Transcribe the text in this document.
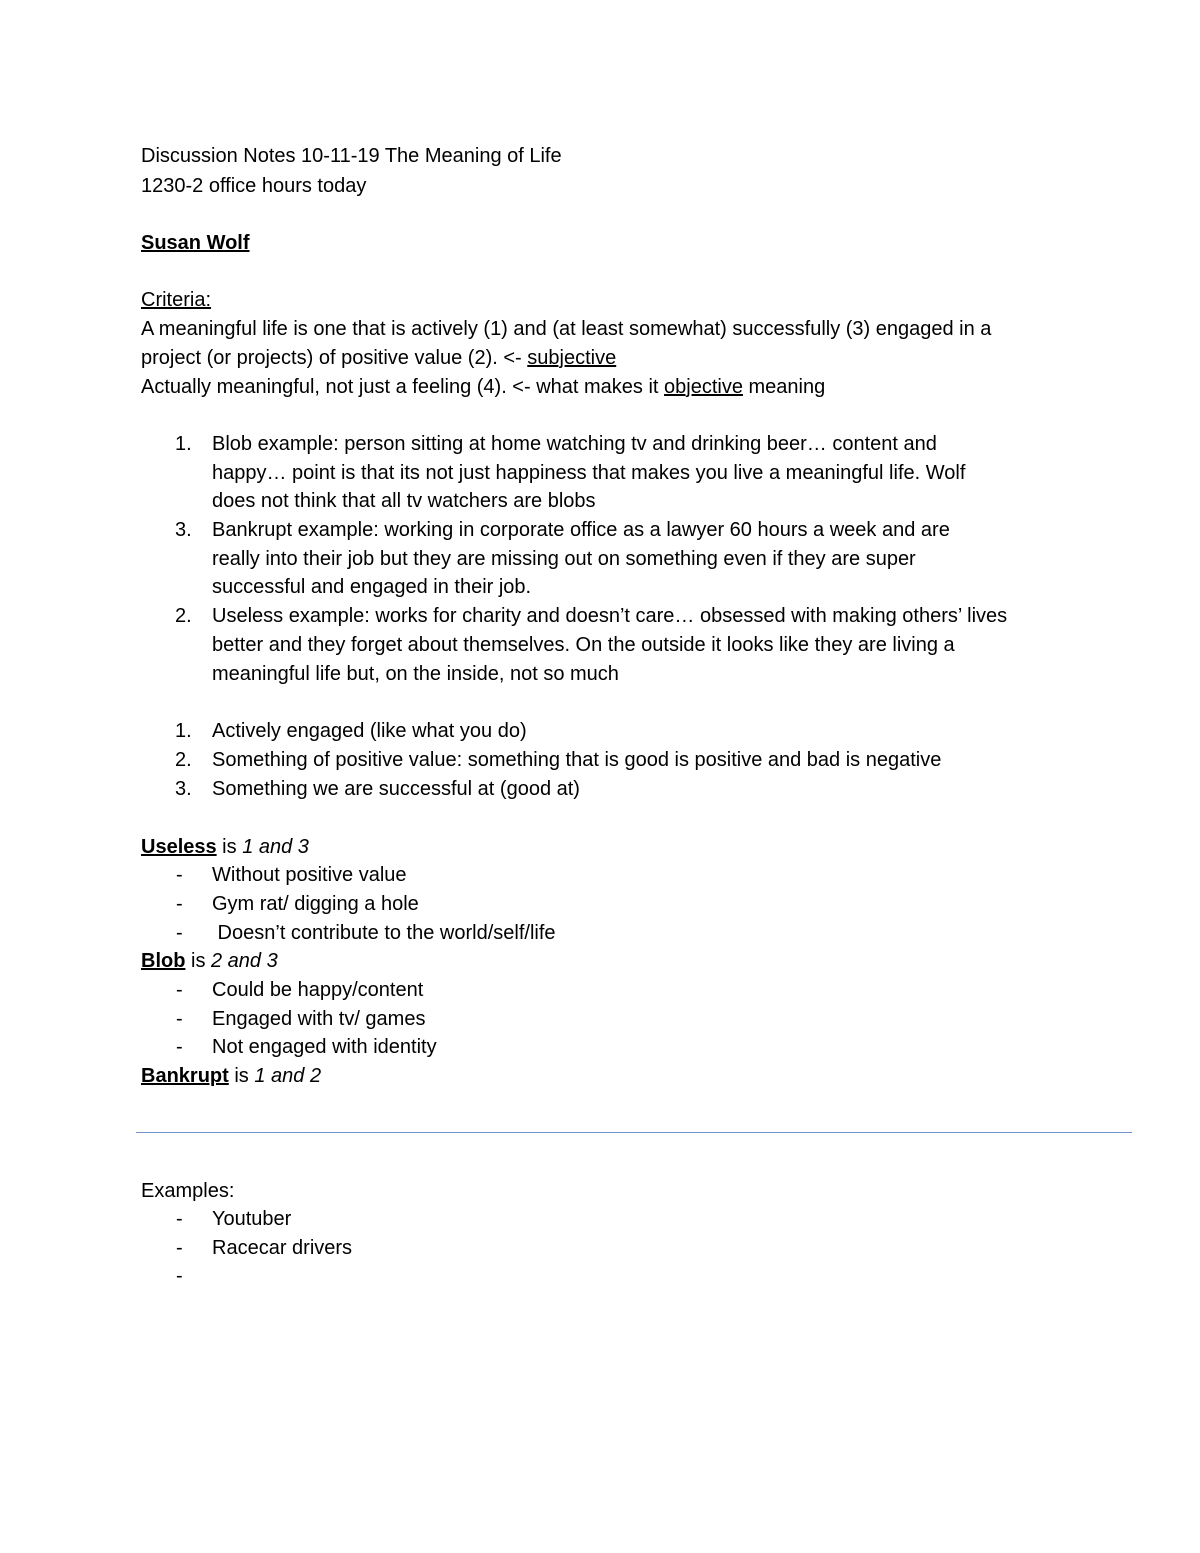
Discussion Notes 10-11-19 The Meaning of Life
1230-2 office hours today
Susan Wolf
Criteria:
A meaningful life is one that is actively (1) and (at least somewhat) successfully (3) engaged in a
project (or projects) of positive value (2). <- subjective
Actually meaningful, not just a feeling (4). <- what makes it objective meaning
1.	Blob example: person sitting at home watching tv and drinking beer… content and
happy… point is that its not just happiness that makes you live a meaningful life. Wolf
does not think that all tv watchers are blobs
3.	Bankrupt example: working in corporate office as a lawyer 60 hours a week and are
really into their job but they are missing out on something even if they are super
successful and engaged in their job.
2.	Useless example: works for charity and doesn’t care… obsessed with making others’ lives
better and they forget about themselves. On the outside it looks like they are living a
meaningful life but, on the inside, not so much
1.	Actively engaged (like what you do)
2.	Something of positive value: something that is good is positive and bad is negative
3.	Something we are successful at (good at)
Useless is 1 and 3
- Without positive value
- Gym rat/ digging a hole
- Doesn’t contribute to the world/self/life
Blob is 2 and 3
- Could be happy/content
- Engaged with tv/ games
- Not engaged with identity
Bankrupt is 1 and 2
Examples:
- Youtuber
- Racecar drivers
-
